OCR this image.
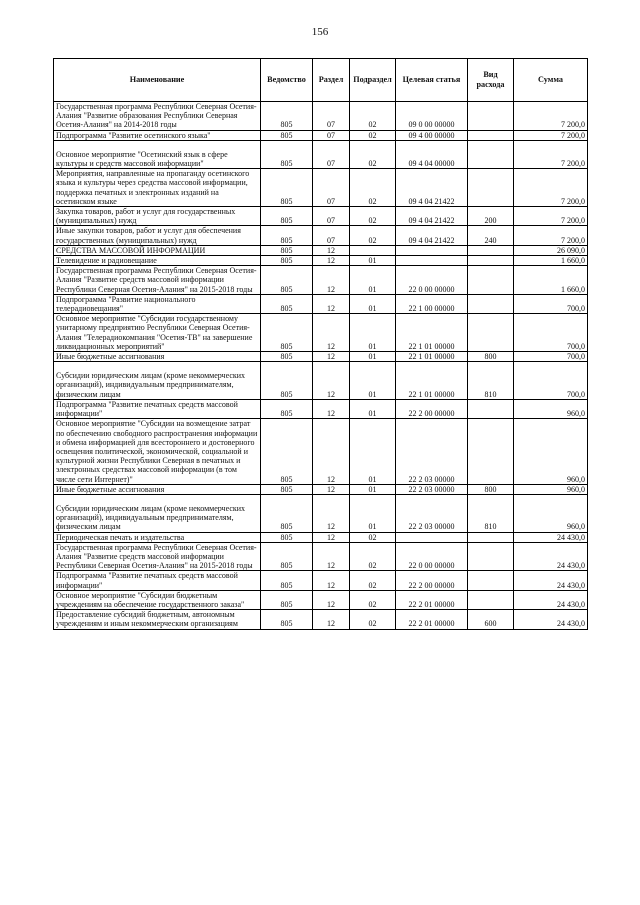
156
Наименование	Ведомство	Раздел	Подраздел	Целевая статья	Вид расхода	Сумма
Государственная программа Республики Северная Осетия-Алания "Развитие образования Республики Северная Осетия-Алания" на 2014-2018 годы	805	07	02	09 0 00 00000		7 200,0
Подпрограмма "Развитие осетинского языка"	805	07	02	09 4 00 00000		7 200,0
Основное мероприятие "Осетинский язык в сфере культуры и средств массовой информации"	805	07	02	09 4 04 00000		7 200,0
Мероприятия, направленные на пропаганду осетинского языка и культуры через средства массовой информации, поддержка печатных и электронных изданий на осетинском языке	805	07	02	09 4 04 21422		7 200,0
Закупка товаров, работ и услуг для государственных (муниципальных) нужд	805	07	02	09 4 04 21422	200	7 200,0
Иные закупки товаров, работ и услуг для обеспечения государственных (муниципальных) нужд	805	07	02	09 4 04 21422	240	7 200,0
СРЕДСТВА МАССОВОЙ ИНФОРМАЦИИ	805	12				26 090,0
Телевидение и радиовещание	805	12	01			1 660,0
Государственная программа Республики Северная Осетия-Алания "Развитие средств массовой информации Республики Северная Осетия-Алания" на 2015-2018 годы	805	12	01	22 0 00 00000		1 660,0
Подпрограмма "Развитие национального телерадиовещания"	805	12	01	22 1 00 00000		700,0
Основное мероприятие "Субсидии государственному унитарному предприятию Республики Северная Осетия-Алания "Телерадиокомпания "Осетия-ТВ" на завершение ликвидационных мероприятий"	805	12	01	22 1 01 00000		700,0
Иные бюджетные ассигнования	805	12	01	22 1 01 00000	800	700,0
Субсидии юридическим лицам (кроме некоммерческих организаций), индивидуальным предпринимателям, физическим лицам	805	12	01	22 1 01 00000	810	700,0
Подпрограмма "Развитие печатных средств массовой информации"	805	12	01	22 2 00 00000		960,0
Основное мероприятие "Субсидии на возмещение затрат по обеспечению свободного распространения информации и обмена информацией для всестороннего и достоверного освещения политической, экономической, социальной и культурной жизни Республики Северная в печатных и электронных средствах массовой информации (в том числе сети Интернет)"	805	12	01	22 2 03 00000		960,0
Иные бюджетные ассигнования	805	12	01	22 2 03 00000	800	960,0
Субсидии юридическим лицам (кроме некоммерческих организаций), индивидуальным предпринимателям, физическим лицам	805	12	01	22 2 03 00000	810	960,0
Периодическая печать и издательства	805	12	02			24 430,0
Государственная программа Республики Северная Осетия-Алания "Развитие средств массовой информации Республики Северная Осетия-Алания" на 2015-2018 годы	805	12	02	22 0 00 00000		24 430,0
Подпрограмма "Развитие печатных средств массовой информации"	805	12	02	22 2 00 00000		24 430,0
Основное мероприятие "Субсидии бюджетным учреждениям на обеспечение государственного заказа"	805	12	02	22 2 01 00000		24 430,0
Предоставление субсидий бюджетным, автономным учреждениям и иным некоммерческим организациям	805	12	02	22 2 01 00000	600	24 430,0
